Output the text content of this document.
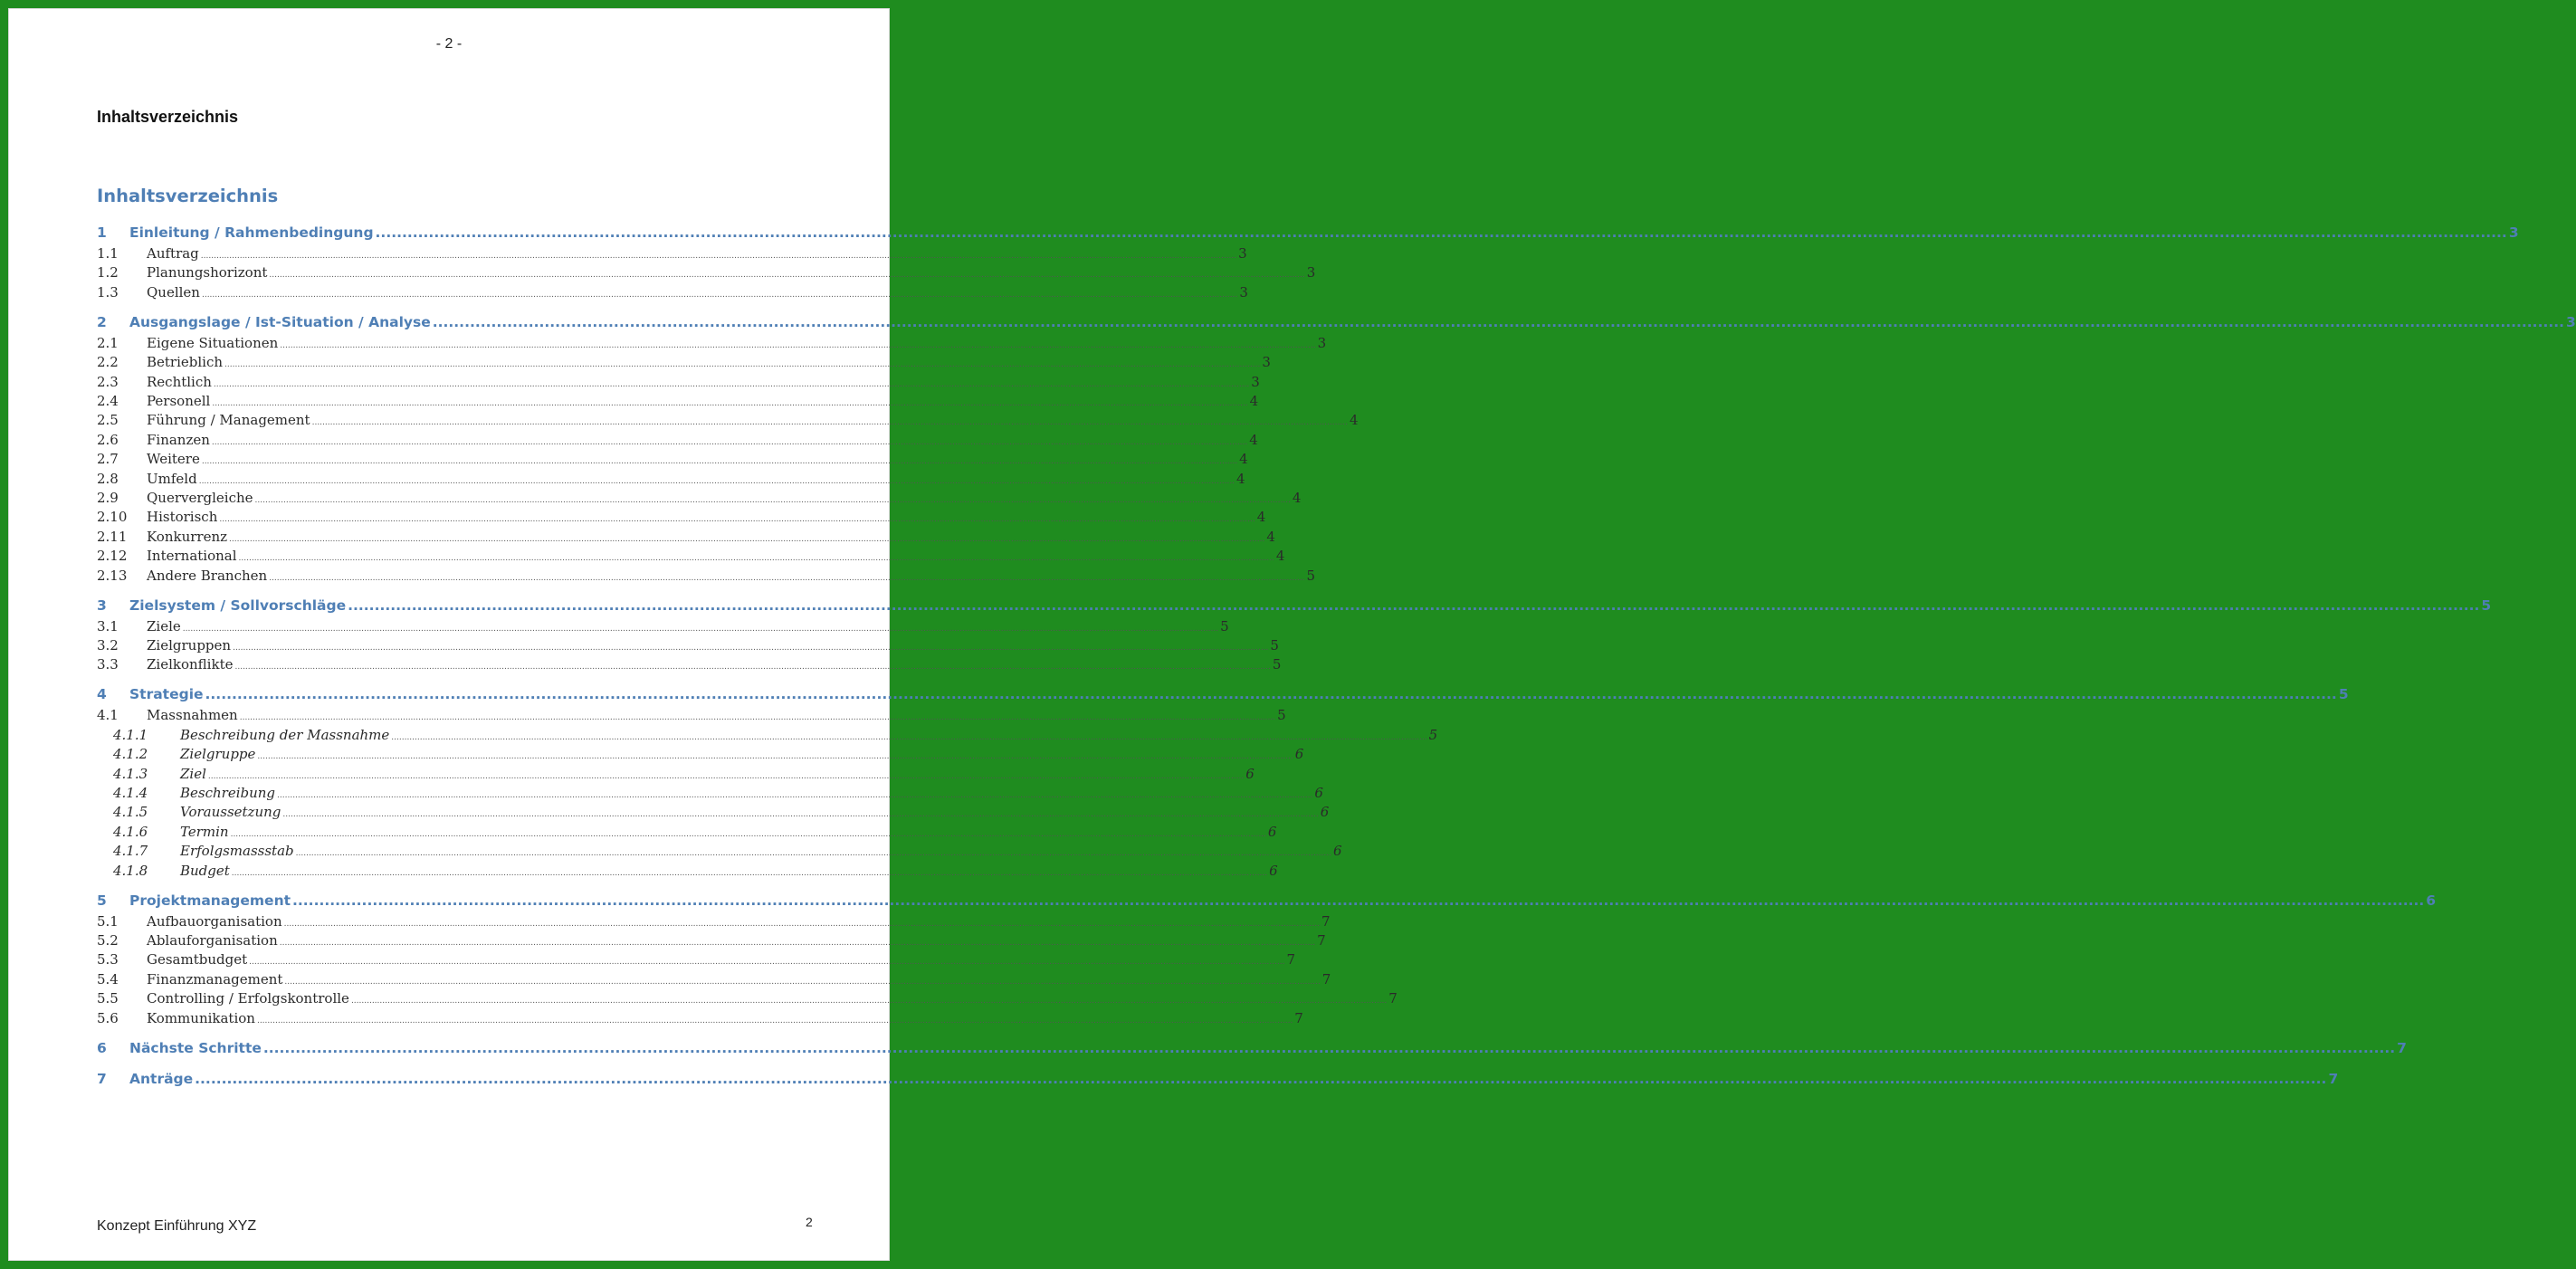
- 2 -
Inhaltsverzeichnis
Inhaltsverzeichnis
1	Einleitung / Rahmenbedingung ................................................................................................................................................................................................................................................................................................................................................................................................................ 3
1.1	Auftrag ................................................................................................................................................................................................................................................................................................................................................................................................................ 3
1.2	Planungshorizont ................................................................................................................................................................................................................................................................................................................................................................................................................ 3
1.3	Quellen ................................................................................................................................................................................................................................................................................................................................................................................................................ 3
2	Ausgangslage / Ist-Situation / Analyse ................................................................................................................................................................................................................................................................................................................................................................................................................ 3
2.1	Eigene Situationen ................................................................................................................................................................................................................................................................................................................................................................................................................ 3
2.2	Betrieblich ................................................................................................................................................................................................................................................................................................................................................................................................................ 3
2.3	Rechtlich ................................................................................................................................................................................................................................................................................................................................................................................................................ 3
2.4	Personell ................................................................................................................................................................................................................................................................................................................................................................................................................ 4
2.5	Führung / Management ................................................................................................................................................................................................................................................................................................................................................................................................................ 4
2.6	Finanzen ................................................................................................................................................................................................................................................................................................................................................................................................................ 4
2.7	Weitere ................................................................................................................................................................................................................................................................................................................................................................................................................ 4
2.8	Umfeld ................................................................................................................................................................................................................................................................................................................................................................................................................ 4
2.9	Quervergleiche ................................................................................................................................................................................................................................................................................................................................................................................................................ 4
2.10	Historisch ................................................................................................................................................................................................................................................................................................................................................................................................................ 4
2.11	Konkurrenz ................................................................................................................................................................................................................................................................................................................................................................................................................ 4
2.12	International ................................................................................................................................................................................................................................................................................................................................................................................................................ 4
2.13	Andere Branchen ................................................................................................................................................................................................................................................................................................................................................................................................................ 5
3	Zielsystem / Sollvorschläge ................................................................................................................................................................................................................................................................................................................................................................................................................ 5
3.1	Ziele ................................................................................................................................................................................................................................................................................................................................................................................................................ 5
3.2	Zielgruppen ................................................................................................................................................................................................................................................................................................................................................................................................................ 5
3.3	Zielkonflikte ................................................................................................................................................................................................................................................................................................................................................................................................................ 5
4	Strategie ................................................................................................................................................................................................................................................................................................................................................................................................................ 5
4.1	Massnahmen ................................................................................................................................................................................................................................................................................................................................................................................................................ 5
4.1.1	Beschreibung der Massnahme ................................................................................................................................................................................................................................................................................................................................................................................................................ 5
4.1.2	Zielgruppe ................................................................................................................................................................................................................................................................................................................................................................................................................ 6
4.1.3	Ziel ................................................................................................................................................................................................................................................................................................................................................................................................................ 6
4.1.4	Beschreibung ................................................................................................................................................................................................................................................................................................................................................................................................................ 6
4.1.5	Voraussetzung ................................................................................................................................................................................................................................................................................................................................................................................................................ 6
4.1.6	Termin ................................................................................................................................................................................................................................................................................................................................................................................................................ 6
4.1.7	Erfolgsmassstab ................................................................................................................................................................................................................................................................................................................................................................................................................ 6
4.1.8	Budget ................................................................................................................................................................................................................................................................................................................................................................................................................ 6
5	Projektmanagement ................................................................................................................................................................................................................................................................................................................................................................................................................ 6
5.1	Aufbauorganisation ................................................................................................................................................................................................................................................................................................................................................................................................................ 7
5.2	Ablauforganisation ................................................................................................................................................................................................................................................................................................................................................................................................................ 7
5.3	Gesamtbudget ................................................................................................................................................................................................................................................................................................................................................................................................................ 7
5.4	Finanzmanagement ................................................................................................................................................................................................................................................................................................................................................................................................................ 7
5.5	Controlling / Erfolgskontrolle ................................................................................................................................................................................................................................................................................................................................................................................................................ 7
5.6	Kommunikation ................................................................................................................................................................................................................................................................................................................................................................................................................ 7
6	Nächste Schritte ................................................................................................................................................................................................................................................................................................................................................................................................................ 7
7	Anträge ................................................................................................................................................................................................................................................................................................................................................................................................................ 7
Konzept Einführung XYZ	2
